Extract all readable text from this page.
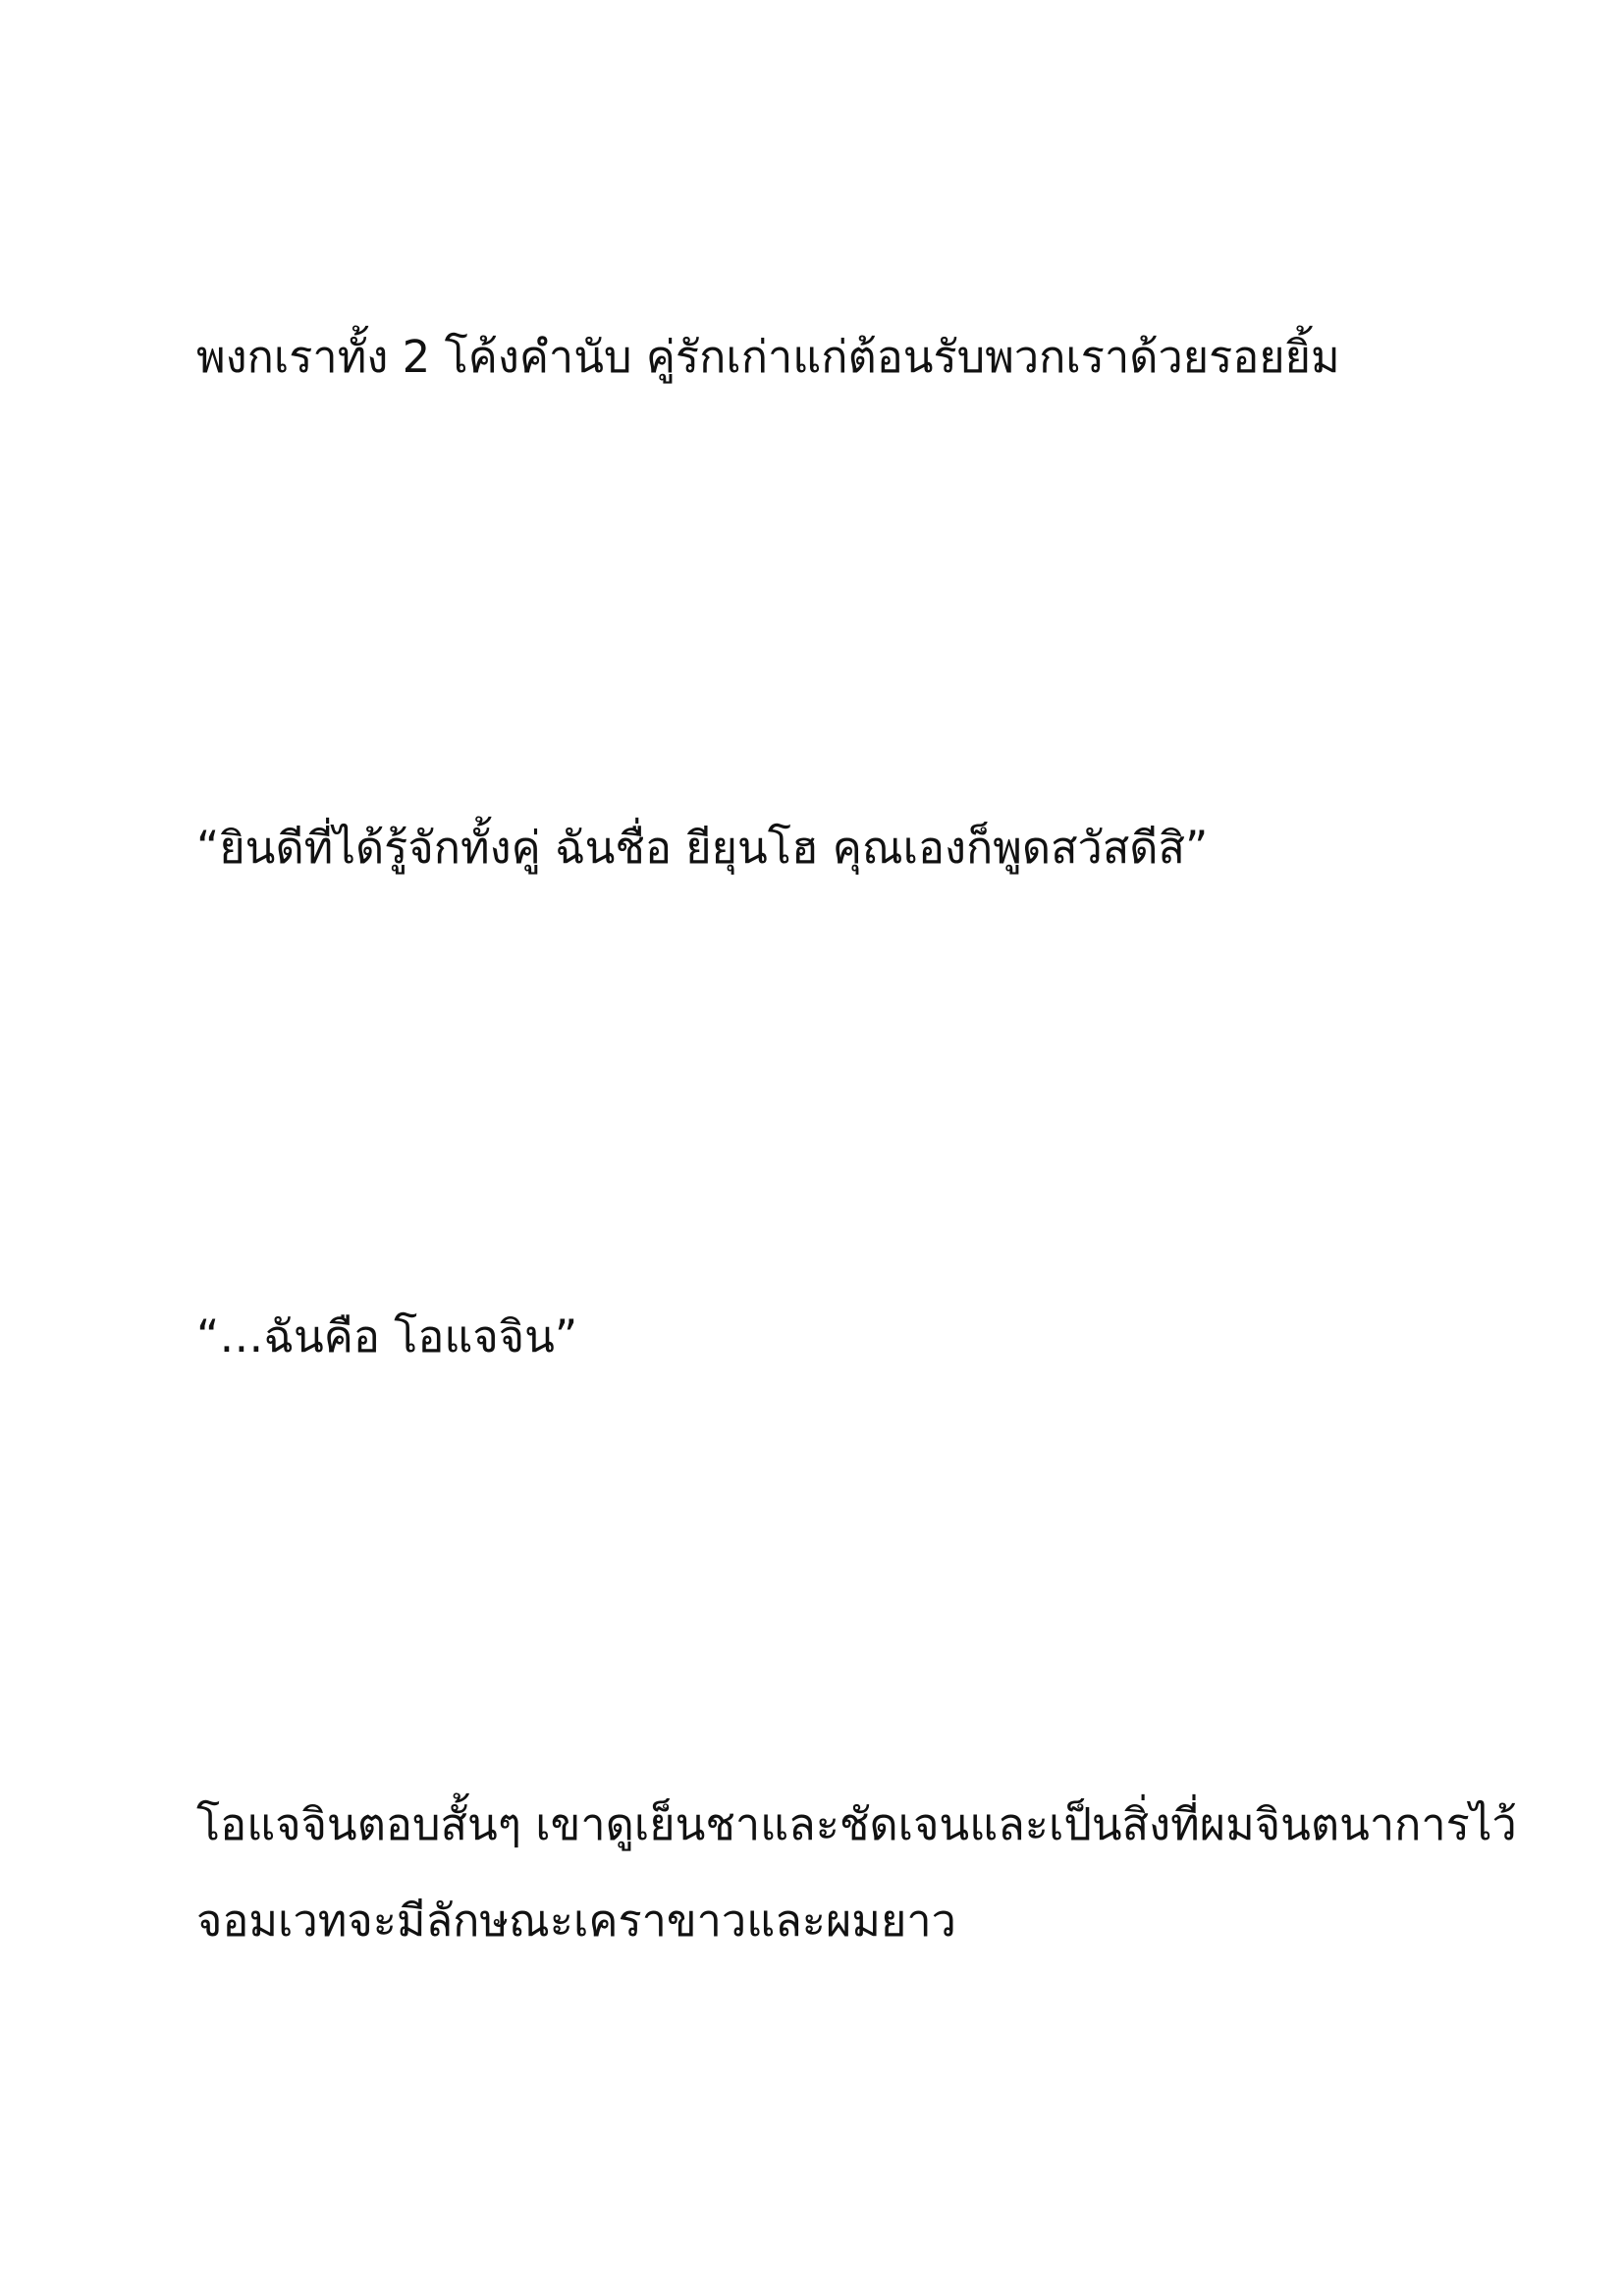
พงกเราทั้ง 2 โค้งคำนับ คู่รักเก่าแก่ต้อนรับพวกเราด้วยรอยยิ้ม

“ยินดีที่ได้รู้จักทั้งคู่ ฉันชื่อ ยียุนโฮ คุณเองก็พูดสวัสดีสิ”

“…ฉันคือ โอแจจิน”

โอแจจินตอบสั้นๆ เขาดูเย็นชาและชัดเจนและเป็นสิ่งที่ผมจินตนาการไว้
จอมเวทจะมีลักษณะเคราขาวและผมยาว
